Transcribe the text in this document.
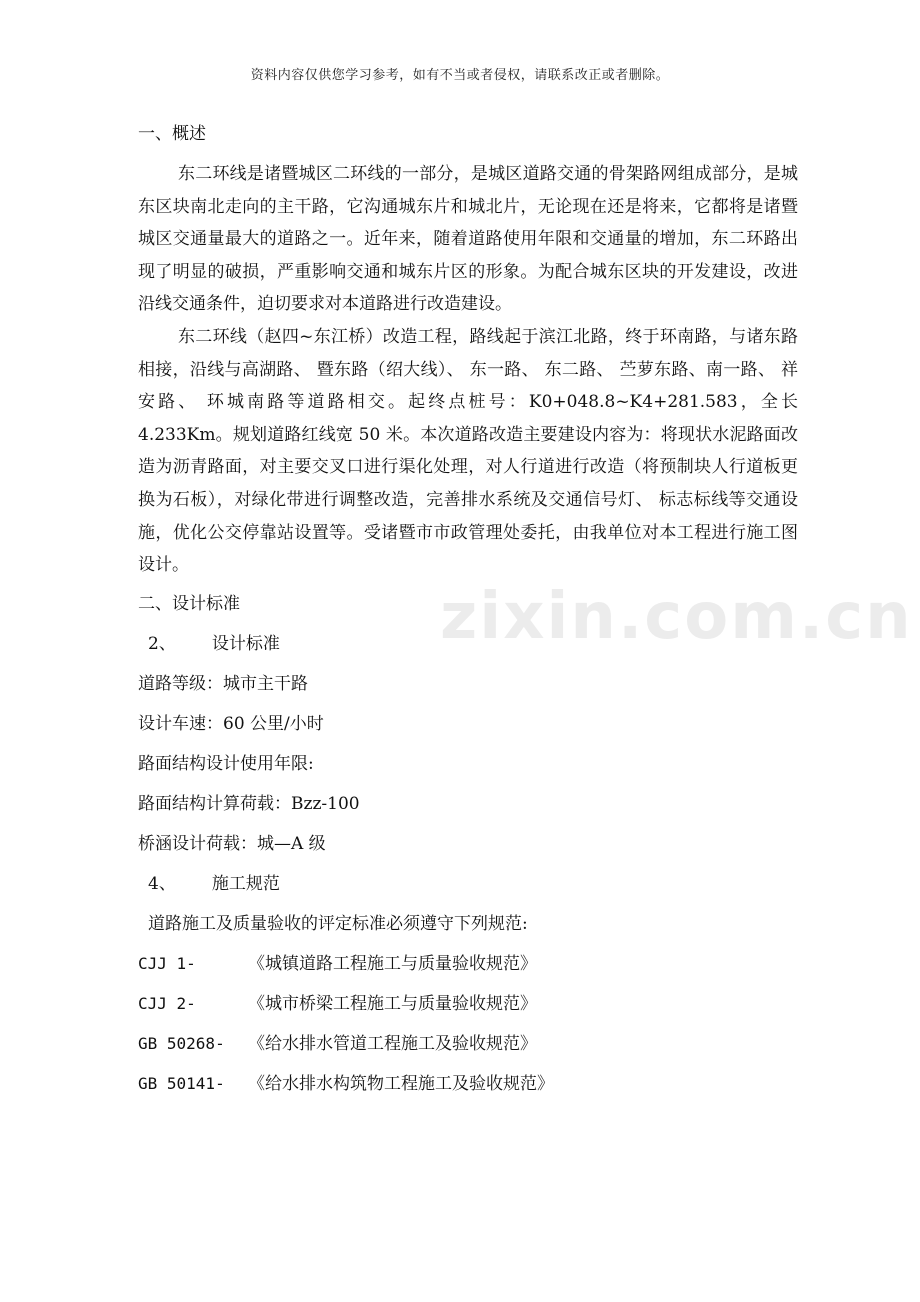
资料内容仅供您学习参考，如有不当或者侵权，请联系改正或者删除。
zixin.com.cn
一、概述

东二环线是诸暨城区二环线的一部分，是城区道路交通的骨架路网组成部分，是城东区块南北走向的主干路，它沟通城东片和城北片，无论现在还是将来，它都将是诸暨城区交通量最大的道路之一。近年来，随着道路使用年限和交通量的增加，东二环路出现了明显的破损，严重影响交通和城东片区的形象。为配合城东区块的开发建设，改进沿线交通条件，迫切要求对本道路进行改造建设。

东二环线（赵四~东江桥）改造工程，路线起于滨江北路，终于环南路，与诸东路相接，沿线与高湖路、 暨东路（绍大线）、 东一路、 东二路、 苎萝东路、南一路、 祥安路、 环城南路等道路相交。起终点桩号：K0+048.8~K4+281.583，全长 4.233Km。规划道路红线宽 50 米。本次道路改造主要建设内容为：将现状水泥路面改造为沥青路面，对主要交叉口进行渠化处理，对人行道进行改造（将预制块人行道板更换为石板），对绿化带进行调整改造，完善排水系统及交通信号灯、 标志标线等交通设施，优化公交停靠站设置等。受诸暨市市政管理处委托，由我单位对本工程进行施工图设计。

二、设计标准
2、 设计标准
道路等级：城市主干路
设计车速：60 公里/小时
路面结构设计使用年限:
路面结构计算荷载：Bzz-100
桥涵设计荷载：城—A 级
4、 施工规范
道路施工及质量验收的评定标准必须遵守下列规范:
CJJ 1-	《城镇道路工程施工与质量验收规范》
CJJ 2-	《城市桥梁工程施工与质量验收规范》
GB 50268- 《给水排水管道工程施工及验收规范》
GB 50141- 《给水排水构筑物工程施工及验收规范》
